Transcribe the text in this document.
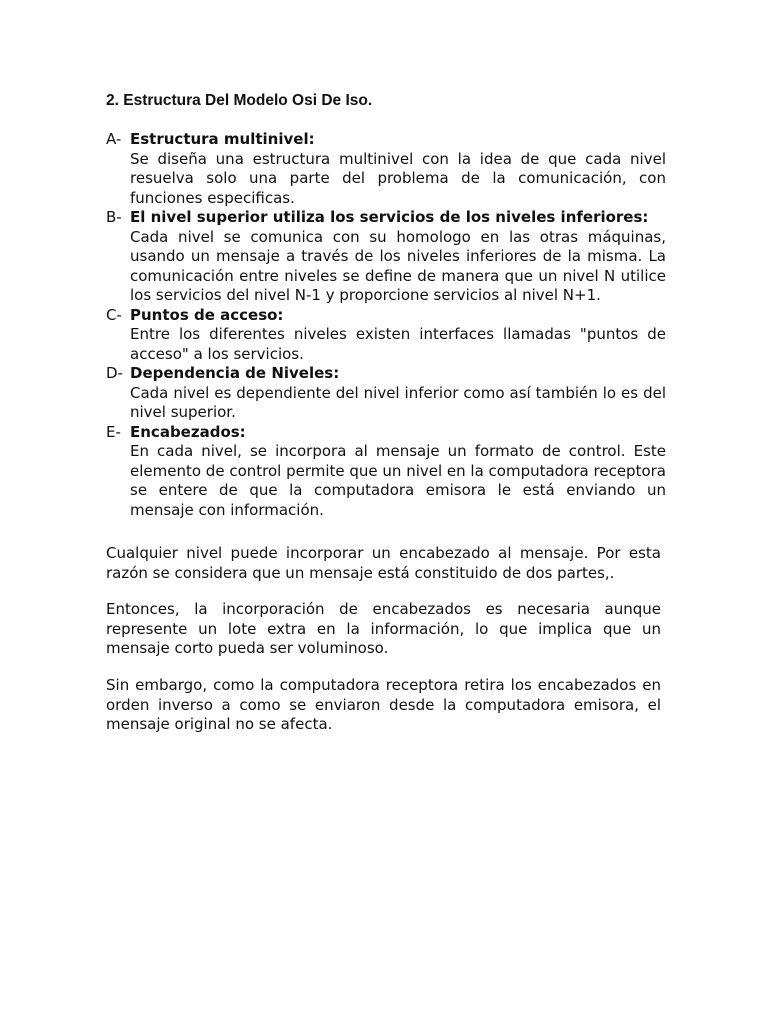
2. Estructura Del Modelo Osi De Iso.
A- Estructura multinivel:
Se diseña una estructura multinivel con la idea de que cada nivel resuelva solo una parte del problema de la comunicación, con funciones especificas.
B- El nivel superior utiliza los servicios de los niveles inferiores:
Cada nivel se comunica con su homologo en las otras máquinas, usando un mensaje a través de los niveles inferiores de la misma. La comunicación entre niveles se define de manera que un nivel N utilice los servicios del nivel N-1 y proporcione servicios al nivel N+1.
C- Puntos de acceso:
Entre los diferentes niveles existen interfaces llamadas "puntos de acceso" a los servicios.
D- Dependencia de Niveles:
Cada nivel es dependiente del nivel inferior como así también lo es del nivel superior.
E- Encabezados:
En cada nivel, se incorpora al mensaje un formato de control. Este elemento de control permite que un nivel en la computadora receptora se entere de que la computadora emisora le está enviando un mensaje con información.

Cualquier nivel puede incorporar un encabezado al mensaje. Por esta razón se considera que un mensaje está constituido de dos partes,.

Entonces, la incorporación de encabezados es necesaria aunque represente un lote extra en la información, lo que implica que un mensaje corto pueda ser voluminoso.

Sin embargo, como la computadora receptora retira los encabezados en orden inverso a como se enviaron desde la computadora emisora, el mensaje original no se afecta.
